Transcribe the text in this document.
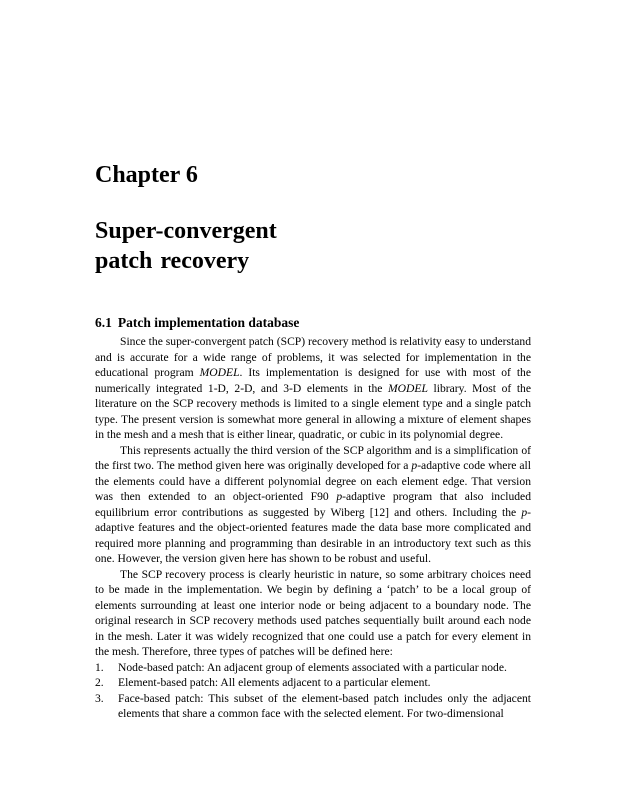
Chapter 6
Super-convergent
patch recovery
6.1 Patch implementation database

Since the super-convergent patch (SCP) recovery method is relativity easy to understand and is accurate for a wide range of problems, it was selected for implementation in the educational program MODEL. Its implementation is designed for use with most of the numerically integrated 1-D, 2-D, and 3-D elements in the MODEL library. Most of the literature on the SCP recovery methods is limited to a single element type and a single patch type. The present version is somewhat more general in allowing a mixture of element shapes in the mesh and a mesh that is either linear, quadratic, or cubic in its polynomial degree.

This represents actually the third version of the SCP algorithm and is a simplification of the first two. The method given here was originally developed for a p-adaptive code where all the elements could have a different polynomial degree on each element edge. That version was then extended to an object-oriented F90 p-adaptive program that also included equilibrium error contributions as suggested by Wiberg [12] and others. Including the p-adaptive features and the object-oriented features made the data base more complicated and required more planning and programming than desirable in an introductory text such as this one. However, the version given here has shown to be robust and useful.

The SCP recovery process is clearly heuristic in nature, so some arbitrary choices need to be made in the implementation. We begin by defining a ‘patch’ to be a local group of elements surrounding at least one interior node or being adjacent to a boundary node. The original research in SCP recovery methods used patches sequentially built around each node in the mesh. Later it was widely recognized that one could use a patch for every element in the mesh. Therefore, three types of patches will be defined here:

1. Node-based patch: An adjacent group of elements associated with a particular node.
2. Element-based patch: All elements adjacent to a particular element.
3. Face-based patch: This subset of the element-based patch includes only the adjacent elements that share a common face with the selected element. For two-dimensional
